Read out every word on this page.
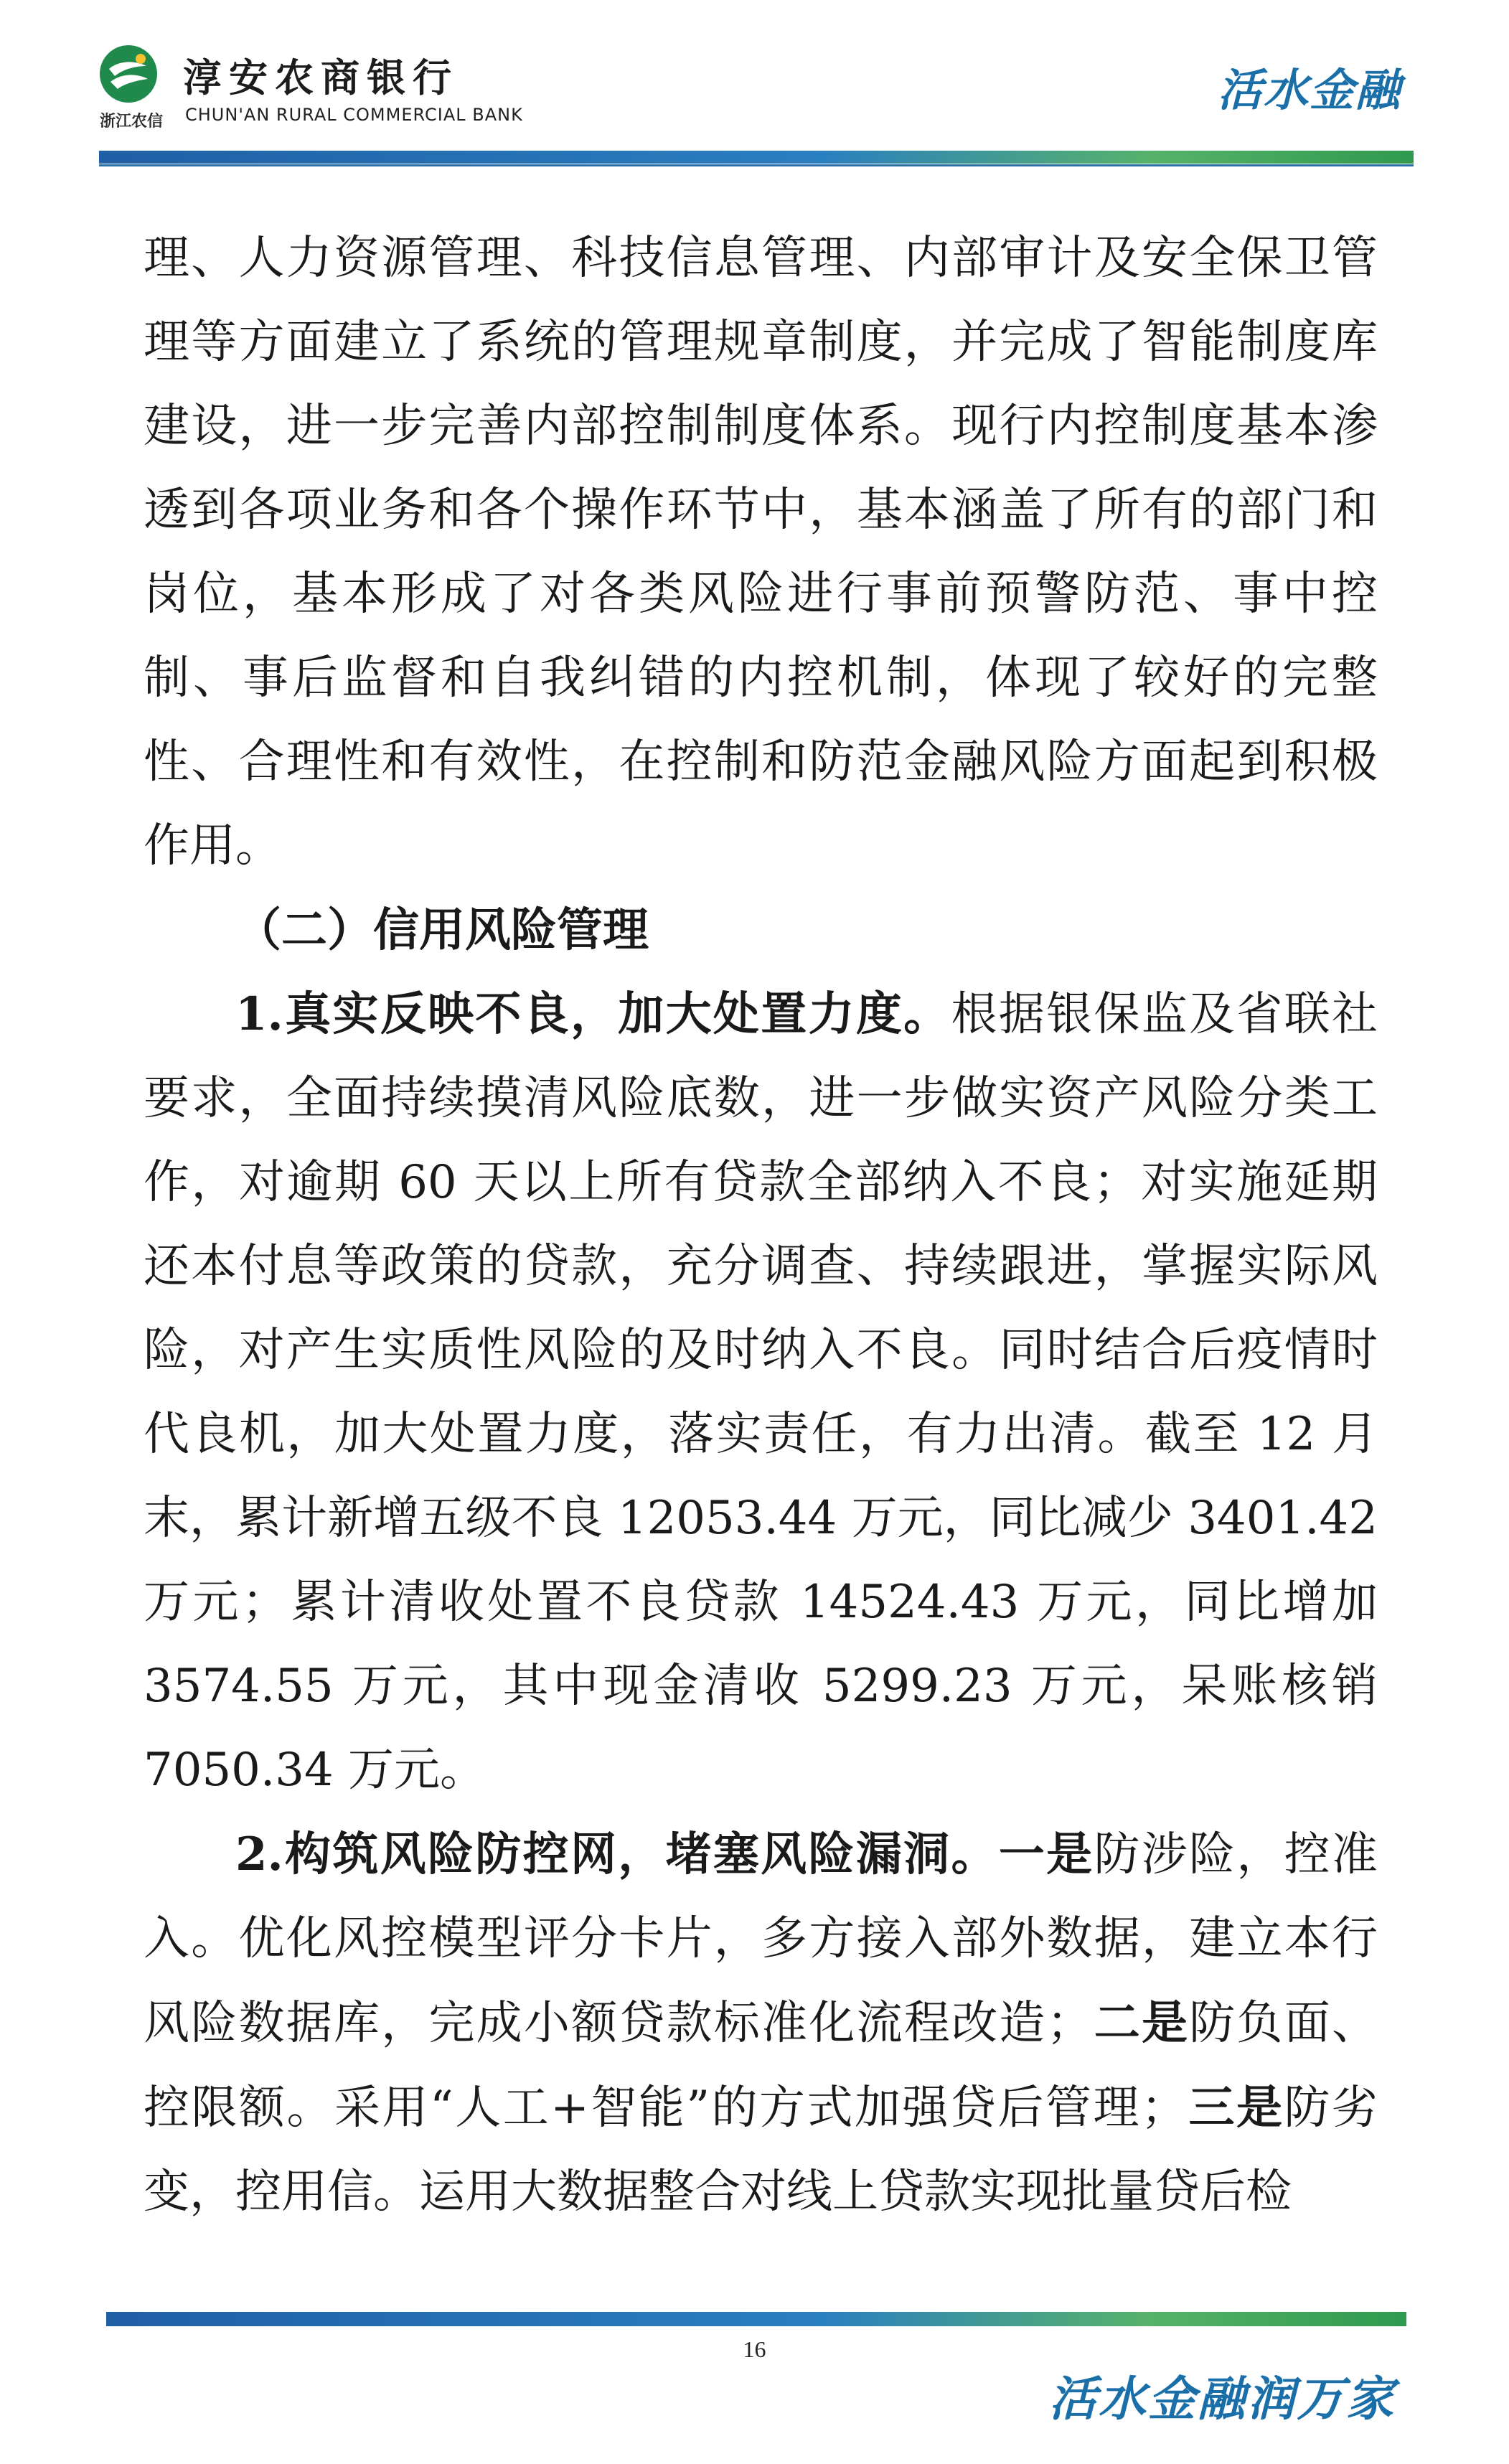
浙江农信
淳安农商银行
CHUN'AN RURAL COMMERCIAL BANK	活水金融

理、人力资源管理、科技信息管理、内部审计及安全保卫管理等方面建立了系统的管理规章制度，并完成了智能制度库建设，进一步完善内部控制制度体系。现行内控制度基本渗透到各项业务和各个操作环节中，基本涵盖了所有的部门和岗位，基本形成了对各类风险进行事前预警防范、事中控制、事后监督和自我纠错的内控机制，体现了较好的完整性、合理性和有效性，在控制和防范金融风险方面起到积极作用。

（二）信用风险管理

1.真实反映不良，加大处置力度。根据银保监及省联社要求，全面持续摸清风险底数，进一步做实资产风险分类工作，对逾期 60 天以上所有贷款全部纳入不良；对实施延期还本付息等政策的贷款，充分调查、持续跟进，掌握实际风险，对产生实质性风险的及时纳入不良。同时结合后疫情时代良机，加大处置力度，落实责任，有力出清。截至 12 月末，累计新增五级不良 12053.44 万元，同比减少 3401.42 万元；累计清收处置不良贷款 14524.43 万元，同比增加 3574.55 万元，其中现金清收 5299.23 万元，呆账核销 7050.34 万元。

2.构筑风险防控网，堵塞风险漏洞。一是防涉险，控准入。优化风控模型评分卡片，多方接入部外数据，建立本行风险数据库，完成小额贷款标准化流程改造；二是防负面、控限额。采用“人工+智能”的方式加强贷后管理；三是防劣变，控用信。运用大数据整合对线上贷款实现批量贷后检

16
活水金融润万家
